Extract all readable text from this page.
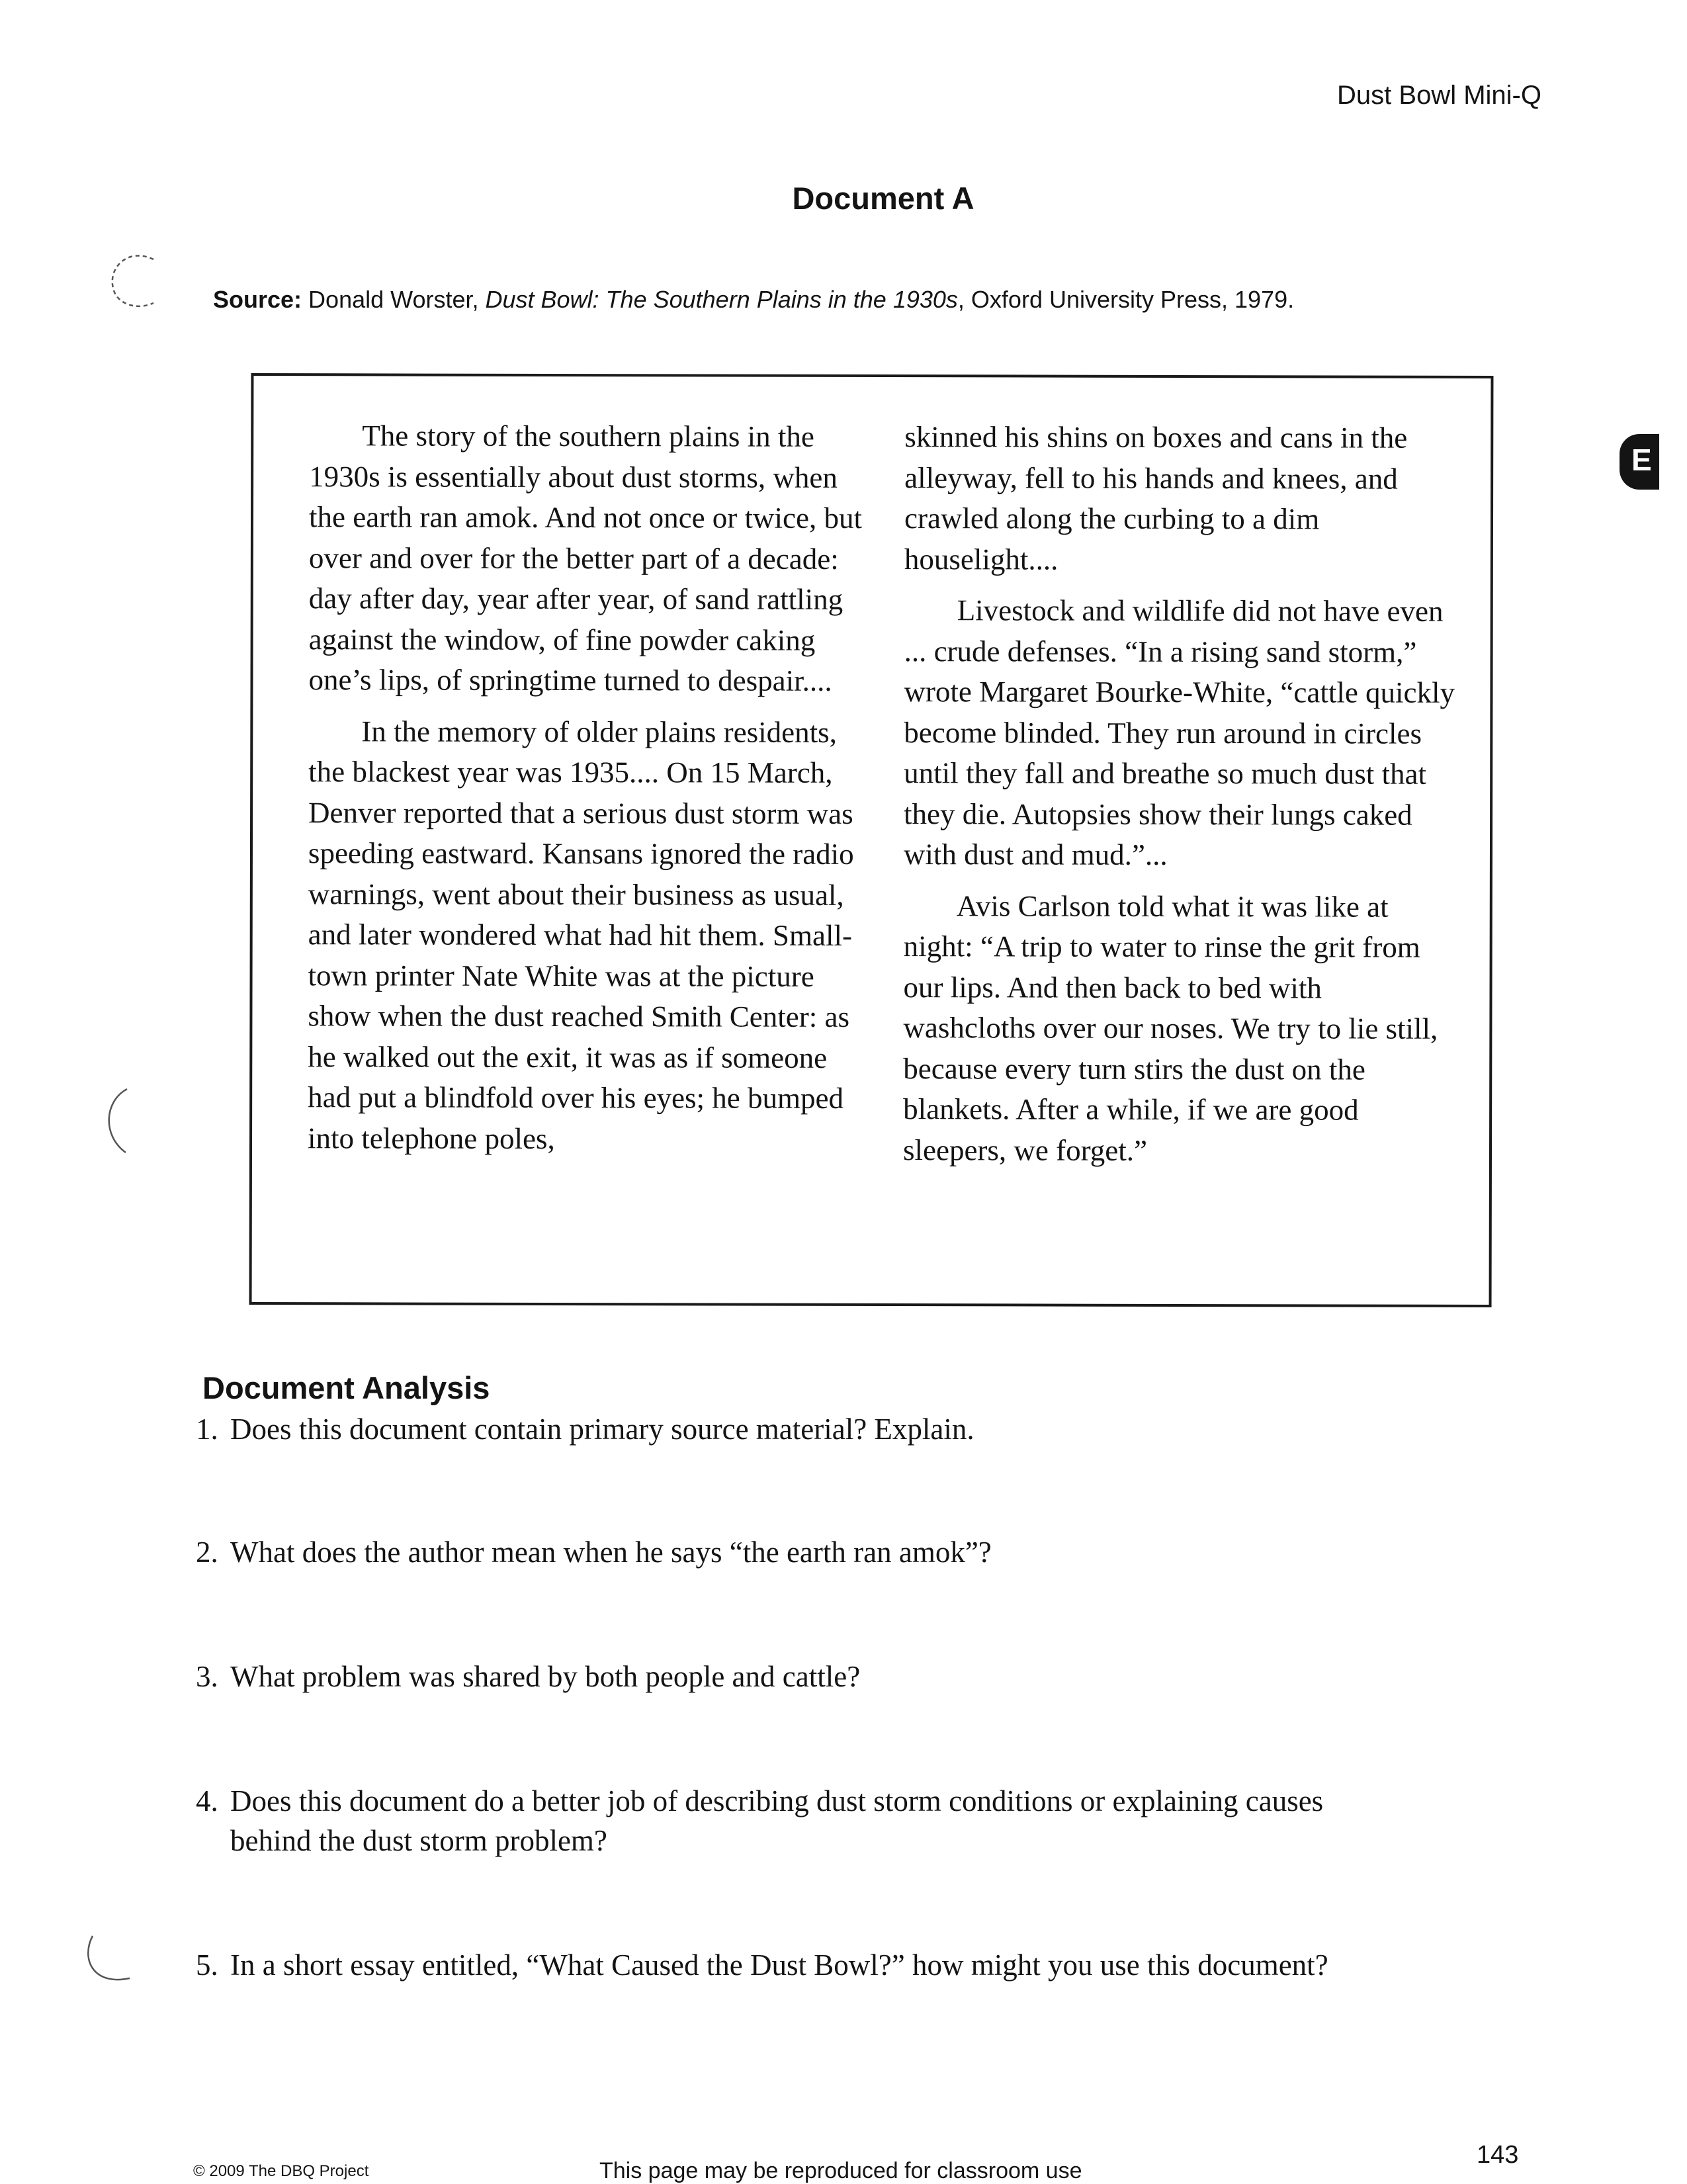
Dust Bowl Mini-Q
Document A
Source: Donald Worster, Dust Bowl: The Southern Plains in the 1930s, Oxford University Press, 1979.

The story of the southern plains in the 1930s is essentially about dust storms, when the earth ran amok. And not once or twice, but over and over for the better part of a decade: day after day, year after year, of sand rattling against the window, of fine powder caking one’s lips, of springtime turned to despair....

In the memory of older plains residents, the blackest year was 1935.... On 15 March, Denver reported that a serious dust storm was speeding eastward. Kansans ignored the radio warnings, went about their business as usual, and later wondered what had hit them. Small-town printer Nate White was at the picture show when the dust reached Smith Center: as he walked out the exit, it was as if someone had put a blindfold over his eyes; he bumped into telephone poles,

skinned his shins on boxes and cans in the alleyway, fell to his hands and knees, and crawled along the curbing to a dim houselight....

Livestock and wildlife did not have even ... crude defenses. “In a rising sand storm,” wrote Margaret Bourke-White, “cattle quickly become blinded. They run around in circles until they fall and breathe so much dust that they die. Autopsies show their lungs caked with dust and mud.”...

Avis Carlson told what it was like at night: “A trip to water to rinse the grit from our lips. And then back to bed with washcloths over our noses. We try to lie still, because every turn stirs the dust on the blankets. After a while, if we are good sleepers, we forget.”

Document Analysis
1. Does this document contain primary source material? Explain.
2. What does the author mean when he says “the earth ran amok”?
3. What problem was shared by both people and cattle?
4. Does this document do a better job of describing dust storm conditions or explaining causes
behind the dust storm problem?
5. In a short essay entitled, “What Caused the Dust Bowl?” how might you use this document?
© 2009 The DBQ Project	This page may be reproduced for classroom use
143
E
